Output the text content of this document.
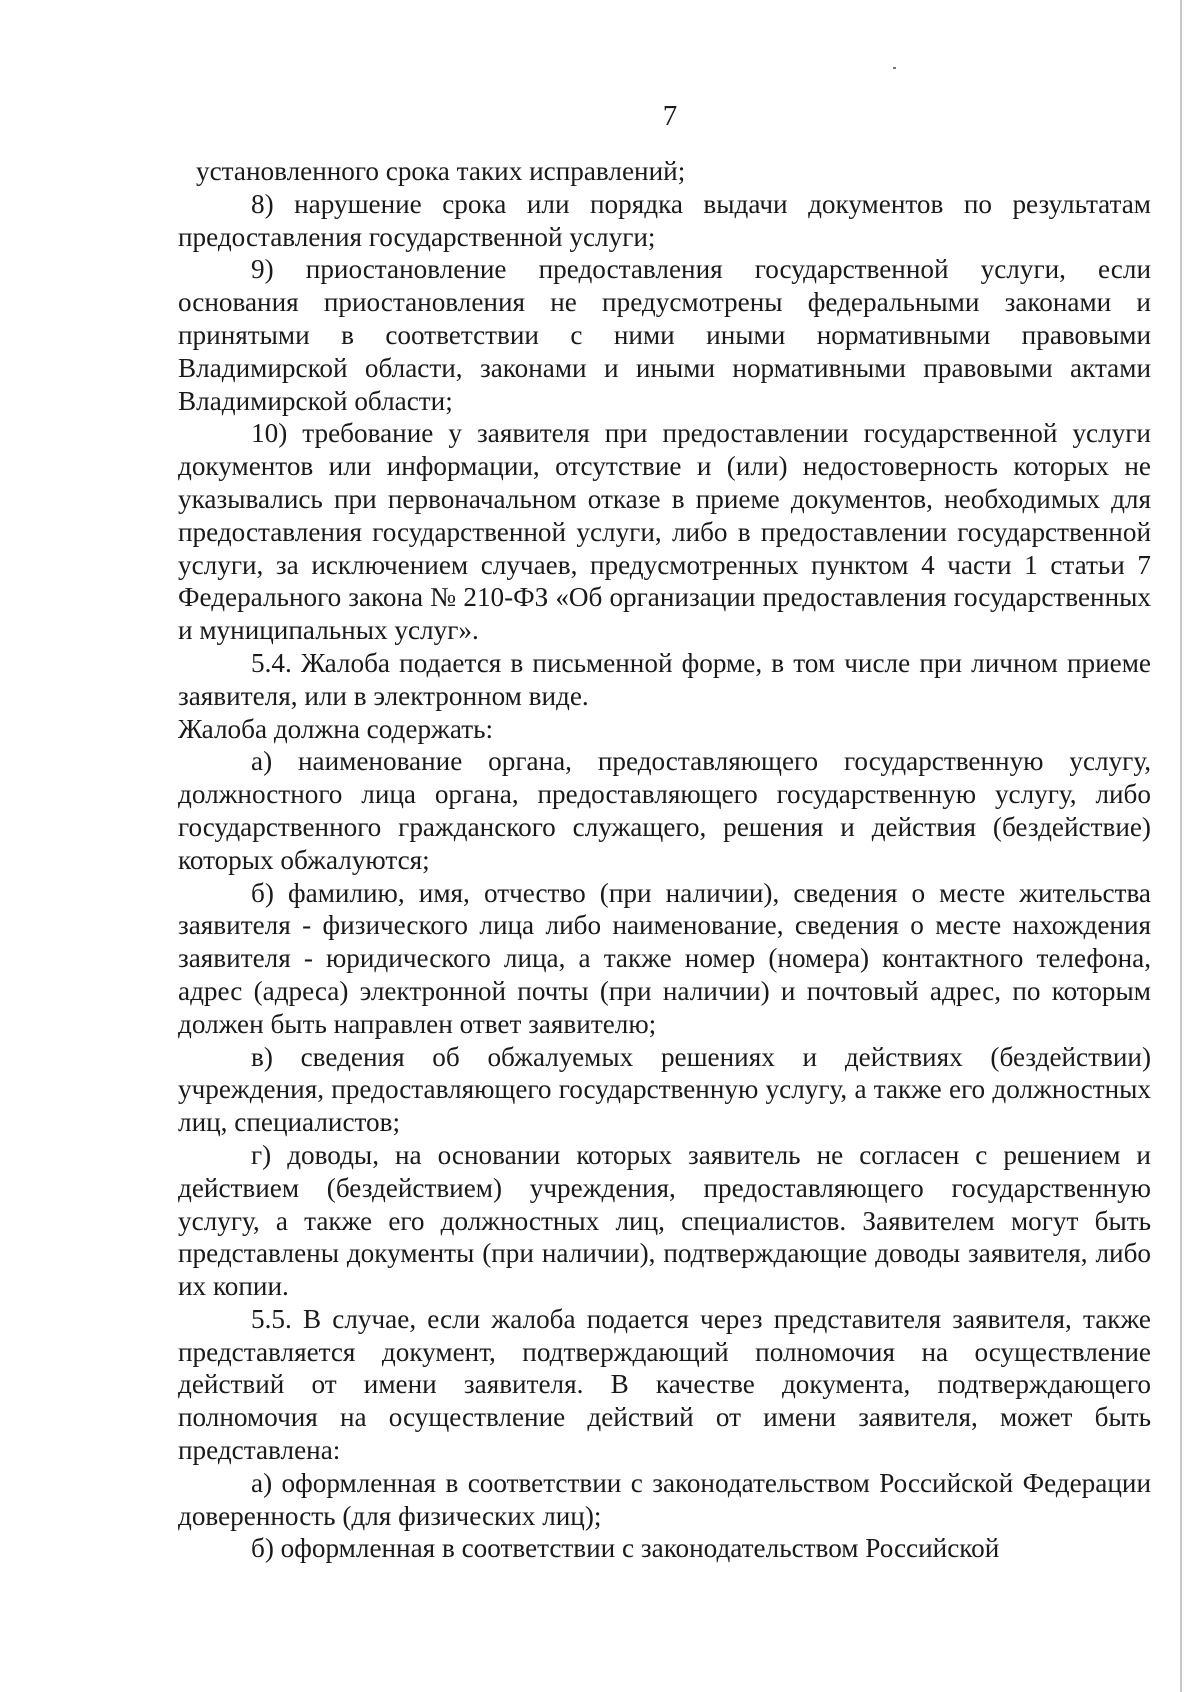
7

установленного срока таких исправлений;

8) нарушение срока или порядка выдачи документов по результатам предоставления государственной услуги;

9) приостановление предоставления государственной услуги, если основания приостановления не предусмотрены федеральными законами и принятыми в соответствии с ними иными нормативными правовыми Владимирской области, законами и иными нормативными правовыми актами Владимирской области;

10) требование у заявителя при предоставлении государственной услуги документов или информации, отсутствие и (или) недостоверность которых не указывались при первоначальном отказе в приеме документов, необходимых для предоставления государственной услуги, либо в предоставлении государственной услуги, за исключением случаев, предусмотренных пунктом 4 части 1 статьи 7 Федерального закона № 210-ФЗ «Об организации предоставления государственных и муниципальных услуг».

5.4. Жалоба подается в письменной форме, в том числе при личном приеме заявителя, или в электронном виде.

Жалоба должна содержать:

а) наименование органа, предоставляющего государственную услугу, должностного лица органа, предоставляющего государственную услугу, либо государственного гражданского служащего, решения и действия (бездействие) которых обжалуются;

б) фамилию, имя, отчество (при наличии), сведения о месте жительства заявителя - физического лица либо наименование, сведения о месте нахождения заявителя - юридического лица, а также номер (номера) контактного телефона, адрес (адреса) электронной почты (при наличии) и почтовый адрес, по которым должен быть направлен ответ заявителю;

в) сведения об обжалуемых решениях и действиях (бездействии) учреждения, предоставляющего государственную услугу, а также его должностных лиц, специалистов;

г) доводы, на основании которых заявитель не согласен с решением и действием (бездействием) учреждения, предоставляющего государственную услугу, а также его должностных лиц, специалистов. Заявителем могут быть представлены документы (при наличии), подтверждающие доводы заявителя, либо их копии.

5.5. В случае, если жалоба подается через представителя заявителя, также представляется документ, подтверждающий полномочия на осуществление действий от имени заявителя. В качестве документа, подтверждающего полномочия на осуществление действий от имени заявителя, может быть представлена:

а) оформленная в соответствии с законодательством Российской Федерации доверенность (для физических лиц);

б) оформленная в соответствии с законодательством Российской
